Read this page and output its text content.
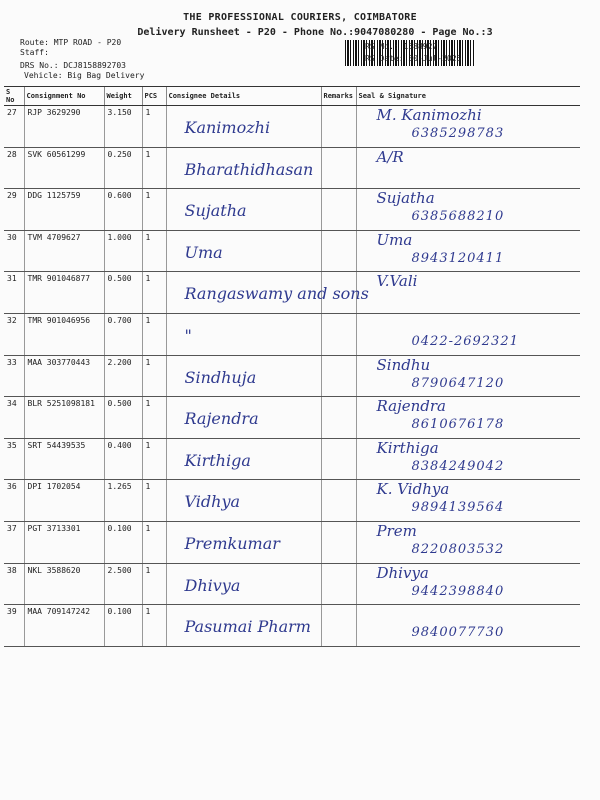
THE PROFESSIONAL COURIERS, COIMBATORE
Delivery Runsheet - P20 - Phone No.:9047080280 - Page No.:3
Route: MTP ROAD - P20
Staff:
DRS No.: DCJ8158892703
Vehicle: Big Bag Delivery
RS No.: 1588927
RS Date: 30-Jul-2025
S No	Consignment No	Weight	PCS	Consignee Details	Remarks	Seal & Signature
27	RJP 3629290	3.150	1	Kanimozhi		M. Kanimozhi
6385298783

28	SVK 60561299	0.250	1	Bharathidhasan		A/R

29	DDG 1125759	0.600	1	Sujatha		Sujatha
6385688210

30	TVM 4709627	1.000	1	Uma		Uma
8943120411

31	TMR 901046877	0.500	1	Rangaswamy and sons		V.Vali

32	TMR 901046956	0.700	1	"		0422-2692321

33	MAA 303770443	2.200	1	Sindhuja		Sindhu
8790647120

34	BLR 5251098181	0.500	1	Rajendra		Rajendra
8610676178

35	SRT 54439535	0.400	1	Kirthiga		Kirthiga
8384249042

36	DPI 1702054	1.265	1	Vidhya		K. Vidhya
9894139564

37	PGT 3713301	0.100	1	Premkumar		Prem
8220803532

38	NKL 3588620	2.500	1	Dhivya		Dhivya
9442398840

39	MAA 709147242	0.100	1	Pasumai Pharm		9840077730
